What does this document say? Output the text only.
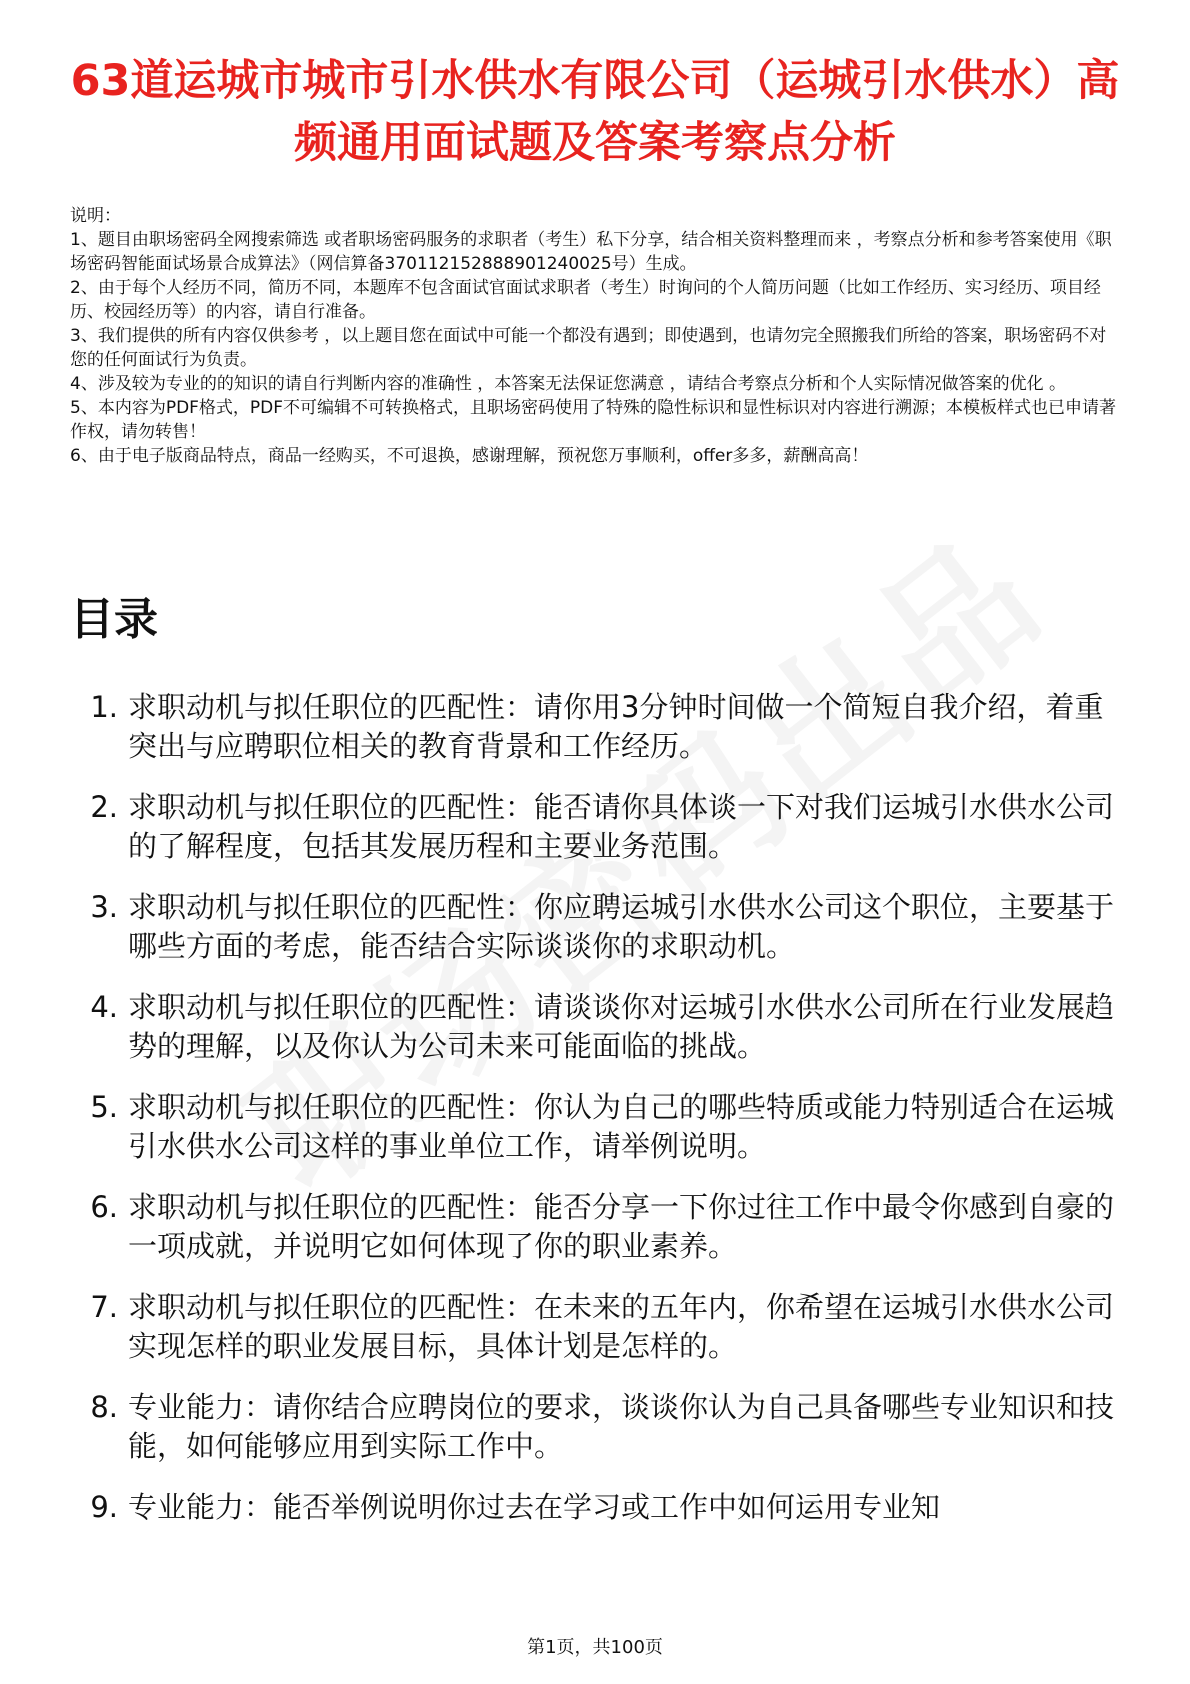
63道运城市城市引水供水有限公司（运城引水供水）高频通用面试题及答案考察点分析

说明：

1、题目由职场密码全网搜索筛选 或者职场密码服务的求职者（考生）私下分享，结合相关资料整理而来 ，考察点分析和参考答案使用《职场密码智能面试场景合成算法》（网信算备370112152888901240025号）生成。

2、由于每个人经历不同，简历不同，本题库不包含面试官面试求职者（考生）时询问的个人简历问题（比如工作经历、实习经历、项目经历、校园经历等）的内容，请自行准备。

3、我们提供的所有内容仅供参考 ，以上题目您在面试中可能一个都没有遇到；即使遇到，也请勿完全照搬我们所给的答案，职场密码不对您的任何面试行为负责。

4、涉及较为专业的的知识的请自行判断内容的准确性 ，本答案无法保证您满意 ，请结合考察点分析和个人实际情况做答案的优化 。

5、本内容为PDF格式，PDF不可编辑不可转换格式，且职场密码使用了特殊的隐性标识和显性标识对内容进行溯源；本模板样式也已申请著作权，请勿转售！

6、由于电子版商品特点，商品一经购买，不可退换，感谢理解，预祝您万事顺利，offer多多，薪酬高高！

目录
1. 求职动机与拟任职位的匹配性：请你用3分钟时间做一个简短自我介绍，着重突出与应聘职位相关的教育背景和工作经历。
2. 求职动机与拟任职位的匹配性：能否请你具体谈一下对我们运城引水供水公司的了解程度，包括其发展历程和主要业务范围。
3. 求职动机与拟任职位的匹配性：你应聘运城引水供水公司这个职位，主要基于哪些方面的考虑，能否结合实际谈谈你的求职动机。
4. 求职动机与拟任职位的匹配性：请谈谈你对运城引水供水公司所在行业发展趋势的理解，以及你认为公司未来可能面临的挑战。
5. 求职动机与拟任职位的匹配性：你认为自己的哪些特质或能力特别适合在运城引水供水公司这样的事业单位工作，请举例说明。
6. 求职动机与拟任职位的匹配性：能否分享一下你过往工作中最令你感到自豪的一项成就，并说明它如何体现了你的职业素养。
7. 求职动机与拟任职位的匹配性：在未来的五年内，你希望在运城引水供水公司实现怎样的职业发展目标，具体计划是怎样的。
8. 专业能力：请你结合应聘岗位的要求，谈谈你认为自己具备哪些专业知识和技能，如何能够应用到实际工作中。
9. 专业能力：能否举例说明你过去在学习或工作中如何运用专业知
第1页，共100页
